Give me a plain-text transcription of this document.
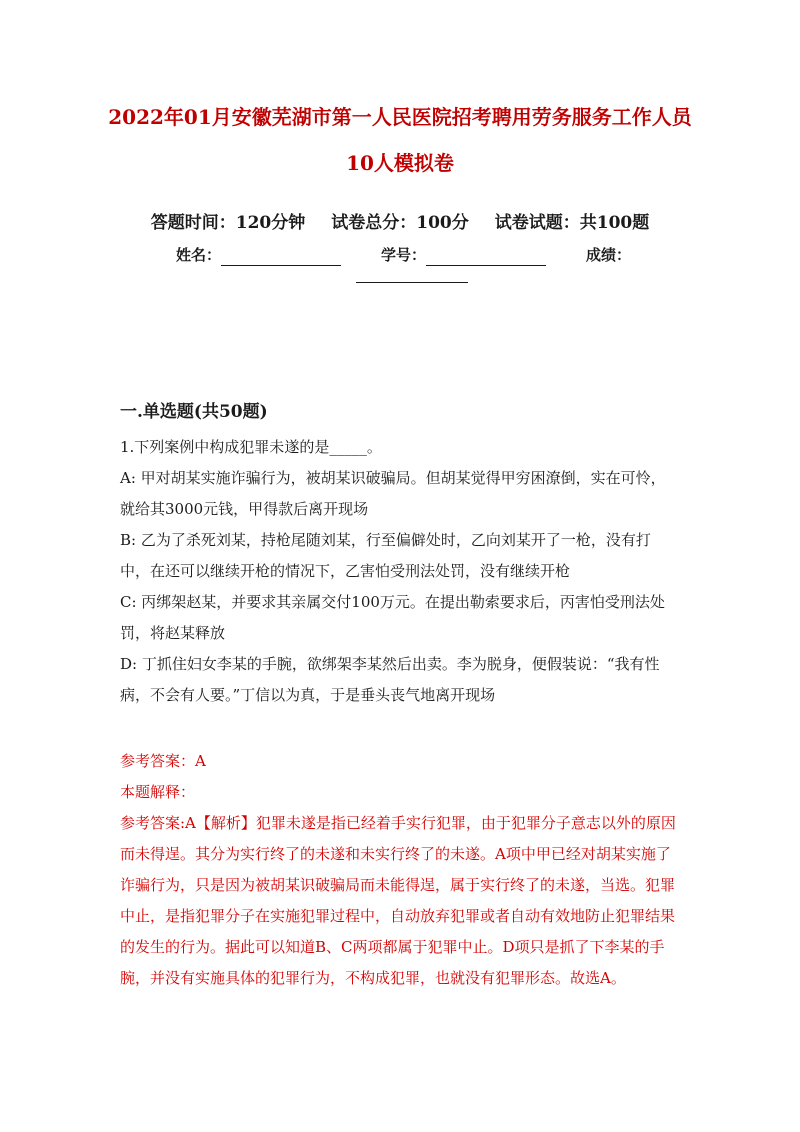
2022年01月安徽芜湖市第一人民医院招考聘用劳务服务工作人员
10人模拟卷
答题时间：120分钟 试卷总分：100分 试卷试题：共100题
姓名：	学号：	成绩：
一.单选题(共50题)

1.下列案例中构成犯罪未遂的是_____。

A: 甲对胡某实施诈骗行为，被胡某识破骗局。但胡某觉得甲穷困潦倒，实在可怜，就给其3000元钱，甲得款后离开现场

B: 乙为了杀死刘某，持枪尾随刘某，行至偏僻处时，乙向刘某开了一枪，没有打中，在还可以继续开枪的情况下，乙害怕受刑法处罚，没有继续开枪

C: 丙绑架赵某，并要求其亲属交付100万元。在提出勒索要求后，丙害怕受刑法处罚，将赵某释放

D: 丁抓住妇女李某的手腕，欲绑架李某然后出卖。李为脱身，便假装说：“我有性病，不会有人要。”丁信以为真，于是垂头丧气地离开现场

参考答案：A

本题解释：

参考答案:A【解析】犯罪未遂是指已经着手实行犯罪，由于犯罪分子意志以外的原因而未得逞。其分为实行终了的未遂和未实行终了的未遂。A项中甲已经对胡某实施了诈骗行为，只是因为被胡某识破骗局而未能得逞，属于实行终了的未遂，当选。犯罪中止，是指犯罪分子在实施犯罪过程中，自动放弃犯罪或者自动有效地防止犯罪结果的发生的行为。据此可以知道B、C两项都属于犯罪中止。D项只是抓了下李某的手腕，并没有实施具体的犯罪行为，不构成犯罪，也就没有犯罪形态。故选A。
